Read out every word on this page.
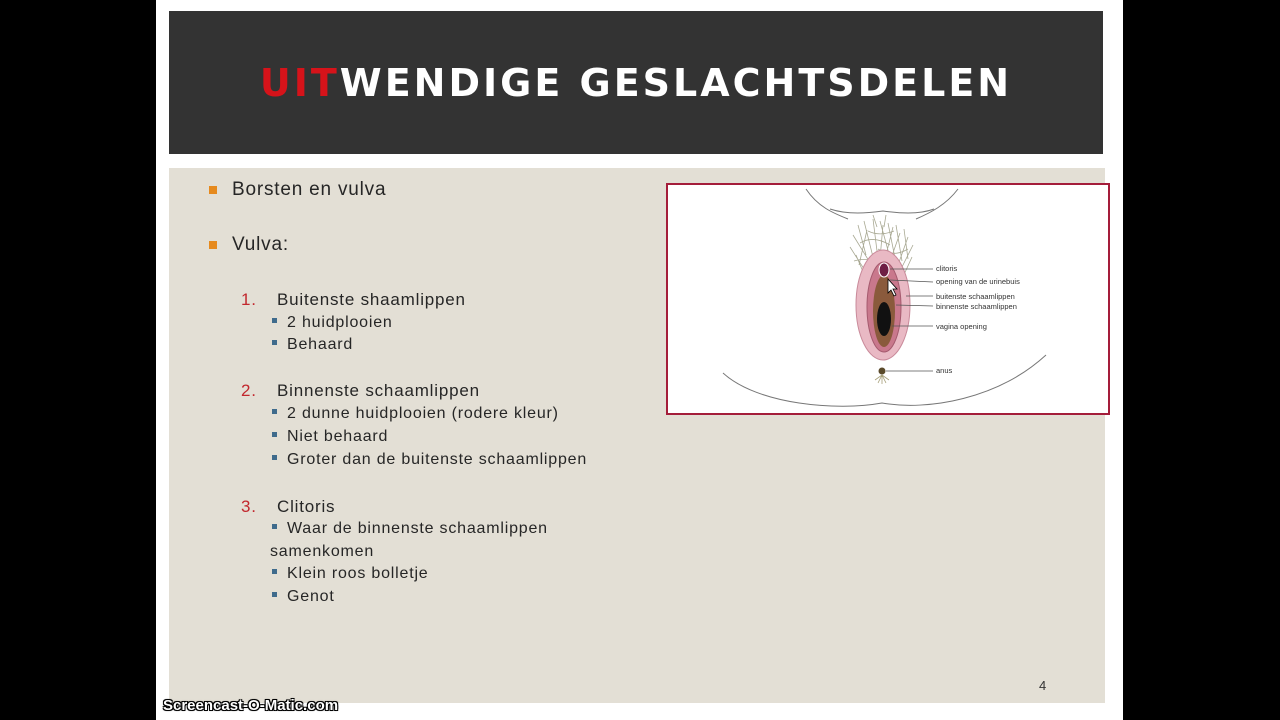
UITWENDIGE GESLACHTSDELEN
Borsten en vulva
Vulva:
1. Buitenste shaamlippen
2 huidplooien
Behaard
2. Binnenste schaamlippen
2 dunne huidplooien (rodere kleur)
Niet behaard
Groter dan de buitenste schaamlippen
3. Clitoris
Waar de binnenste schaamlippen
samenkomen
Klein roos bolletje
Genot
clitoris
opening van de urinebuis
buitenste schaamlippen
binnenste schaamlippen
vagina opening
anus
4
Screencast-O-Matic.com
